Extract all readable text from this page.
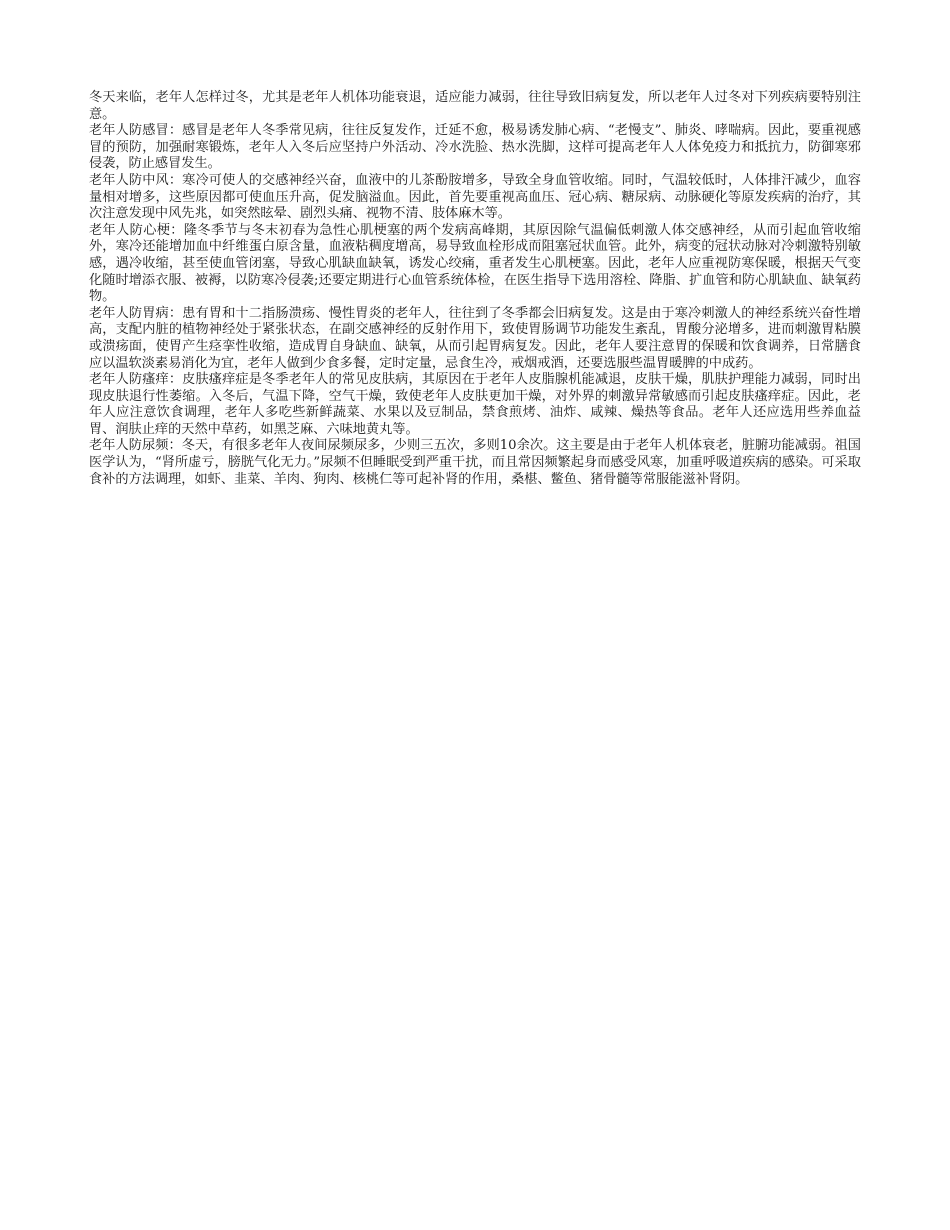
冬天来临，老年人怎样过冬，尤其是老年人机体功能衰退，适应能力减弱，往往导致旧病复发，所以老年人过冬对下列疾病要特别注意。

老年人防感冒：感冒是老年人冬季常见病，往往反复发作，迁延不愈，极易诱发肺心病、“老慢支”、肺炎、哮喘病。因此，要重视感冒的预防，加强耐寒锻炼，老年人入冬后应坚持户外活动、冷水洗脸、热水洗脚，这样可提高老年人人体免疫力和抵抗力，防御寒邪侵袭，防止感冒发生。

老年人防中风：寒冷可使人的交感神经兴奋，血液中的儿茶酚胺增多，导致全身血管收缩。同时，气温较低时，人体排汗减少，血容量相对增多，这些原因都可使血压升高，促发脑溢血。因此，首先要重视高血压、冠心病、糖尿病、动脉硬化等原发疾病的治疗，其次注意发现中风先兆，如突然眩晕、剧烈头痛、视物不清、肢体麻木等。

老年人防心梗：隆冬季节与冬末初春为急性心肌梗塞的两个发病高峰期，其原因除气温偏低刺激人体交感神经，从而引起血管收缩外，寒冷还能增加血中纤维蛋白原含量，血液粘稠度增高，易导致血栓形成而阻塞冠状血管。此外，病变的冠状动脉对冷刺激特别敏感，遇冷收缩，甚至使血管闭塞，导致心肌缺血缺氧，诱发心绞痛，重者发生心肌梗塞。因此，老年人应重视防寒保暖，根据天气变化随时增添衣服、被褥，以防寒冷侵袭;还要定期进行心血管系统体检，在医生指导下选用溶栓、降脂、扩血管和防心肌缺血、缺氧药物。

老年人防胃病：患有胃和十二指肠溃疡、慢性胃炎的老年人，往往到了冬季都会旧病复发。这是由于寒冷刺激人的神经系统兴奋性增高，支配内脏的植物神经处于紧张状态，在副交感神经的反射作用下，致使胃肠调节功能发生紊乱，胃酸分泌增多，进而刺激胃粘膜或溃疡面，使胃产生痉挛性收缩，造成胃自身缺血、缺氧，从而引起胃病复发。因此，老年人要注意胃的保暖和饮食调养，日常膳食应以温软淡素易消化为宜，老年人做到少食多餐，定时定量，忌食生冷，戒烟戒酒，还要选服些温胃暖脾的中成药。

老年人防瘙痒：皮肤瘙痒症是冬季老年人的常见皮肤病，其原因在于老年人皮脂腺机能减退，皮肤干燥，肌肤护理能力减弱，同时出现皮肤退行性萎缩。入冬后，气温下降，空气干燥，致使老年人皮肤更加干燥，对外界的刺激异常敏感而引起皮肤瘙痒症。因此，老年人应注意饮食调理，老年人多吃些新鲜蔬菜、水果以及豆制品，禁食煎烤、油炸、咸辣、燥热等食品。老年人还应选用些养血益胃、润肤止痒的天然中草药，如黑芝麻、六味地黄丸等。

老年人防尿频：冬天，有很多老年人夜间尿频尿多，少则三五次，多则10余次。这主要是由于老年人机体衰老，脏腑功能减弱。祖国医学认为，“肾所虚亏，膀胱气化无力。”尿频不但睡眠受到严重干扰，而且常因频繁起身而感受风寒，加重呼吸道疾病的感染。可采取食补的方法调理，如虾、韭菜、羊肉、狗肉、核桃仁等可起补肾的作用，桑椹、鳖鱼、猪骨髓等常服能滋补肾阴。
